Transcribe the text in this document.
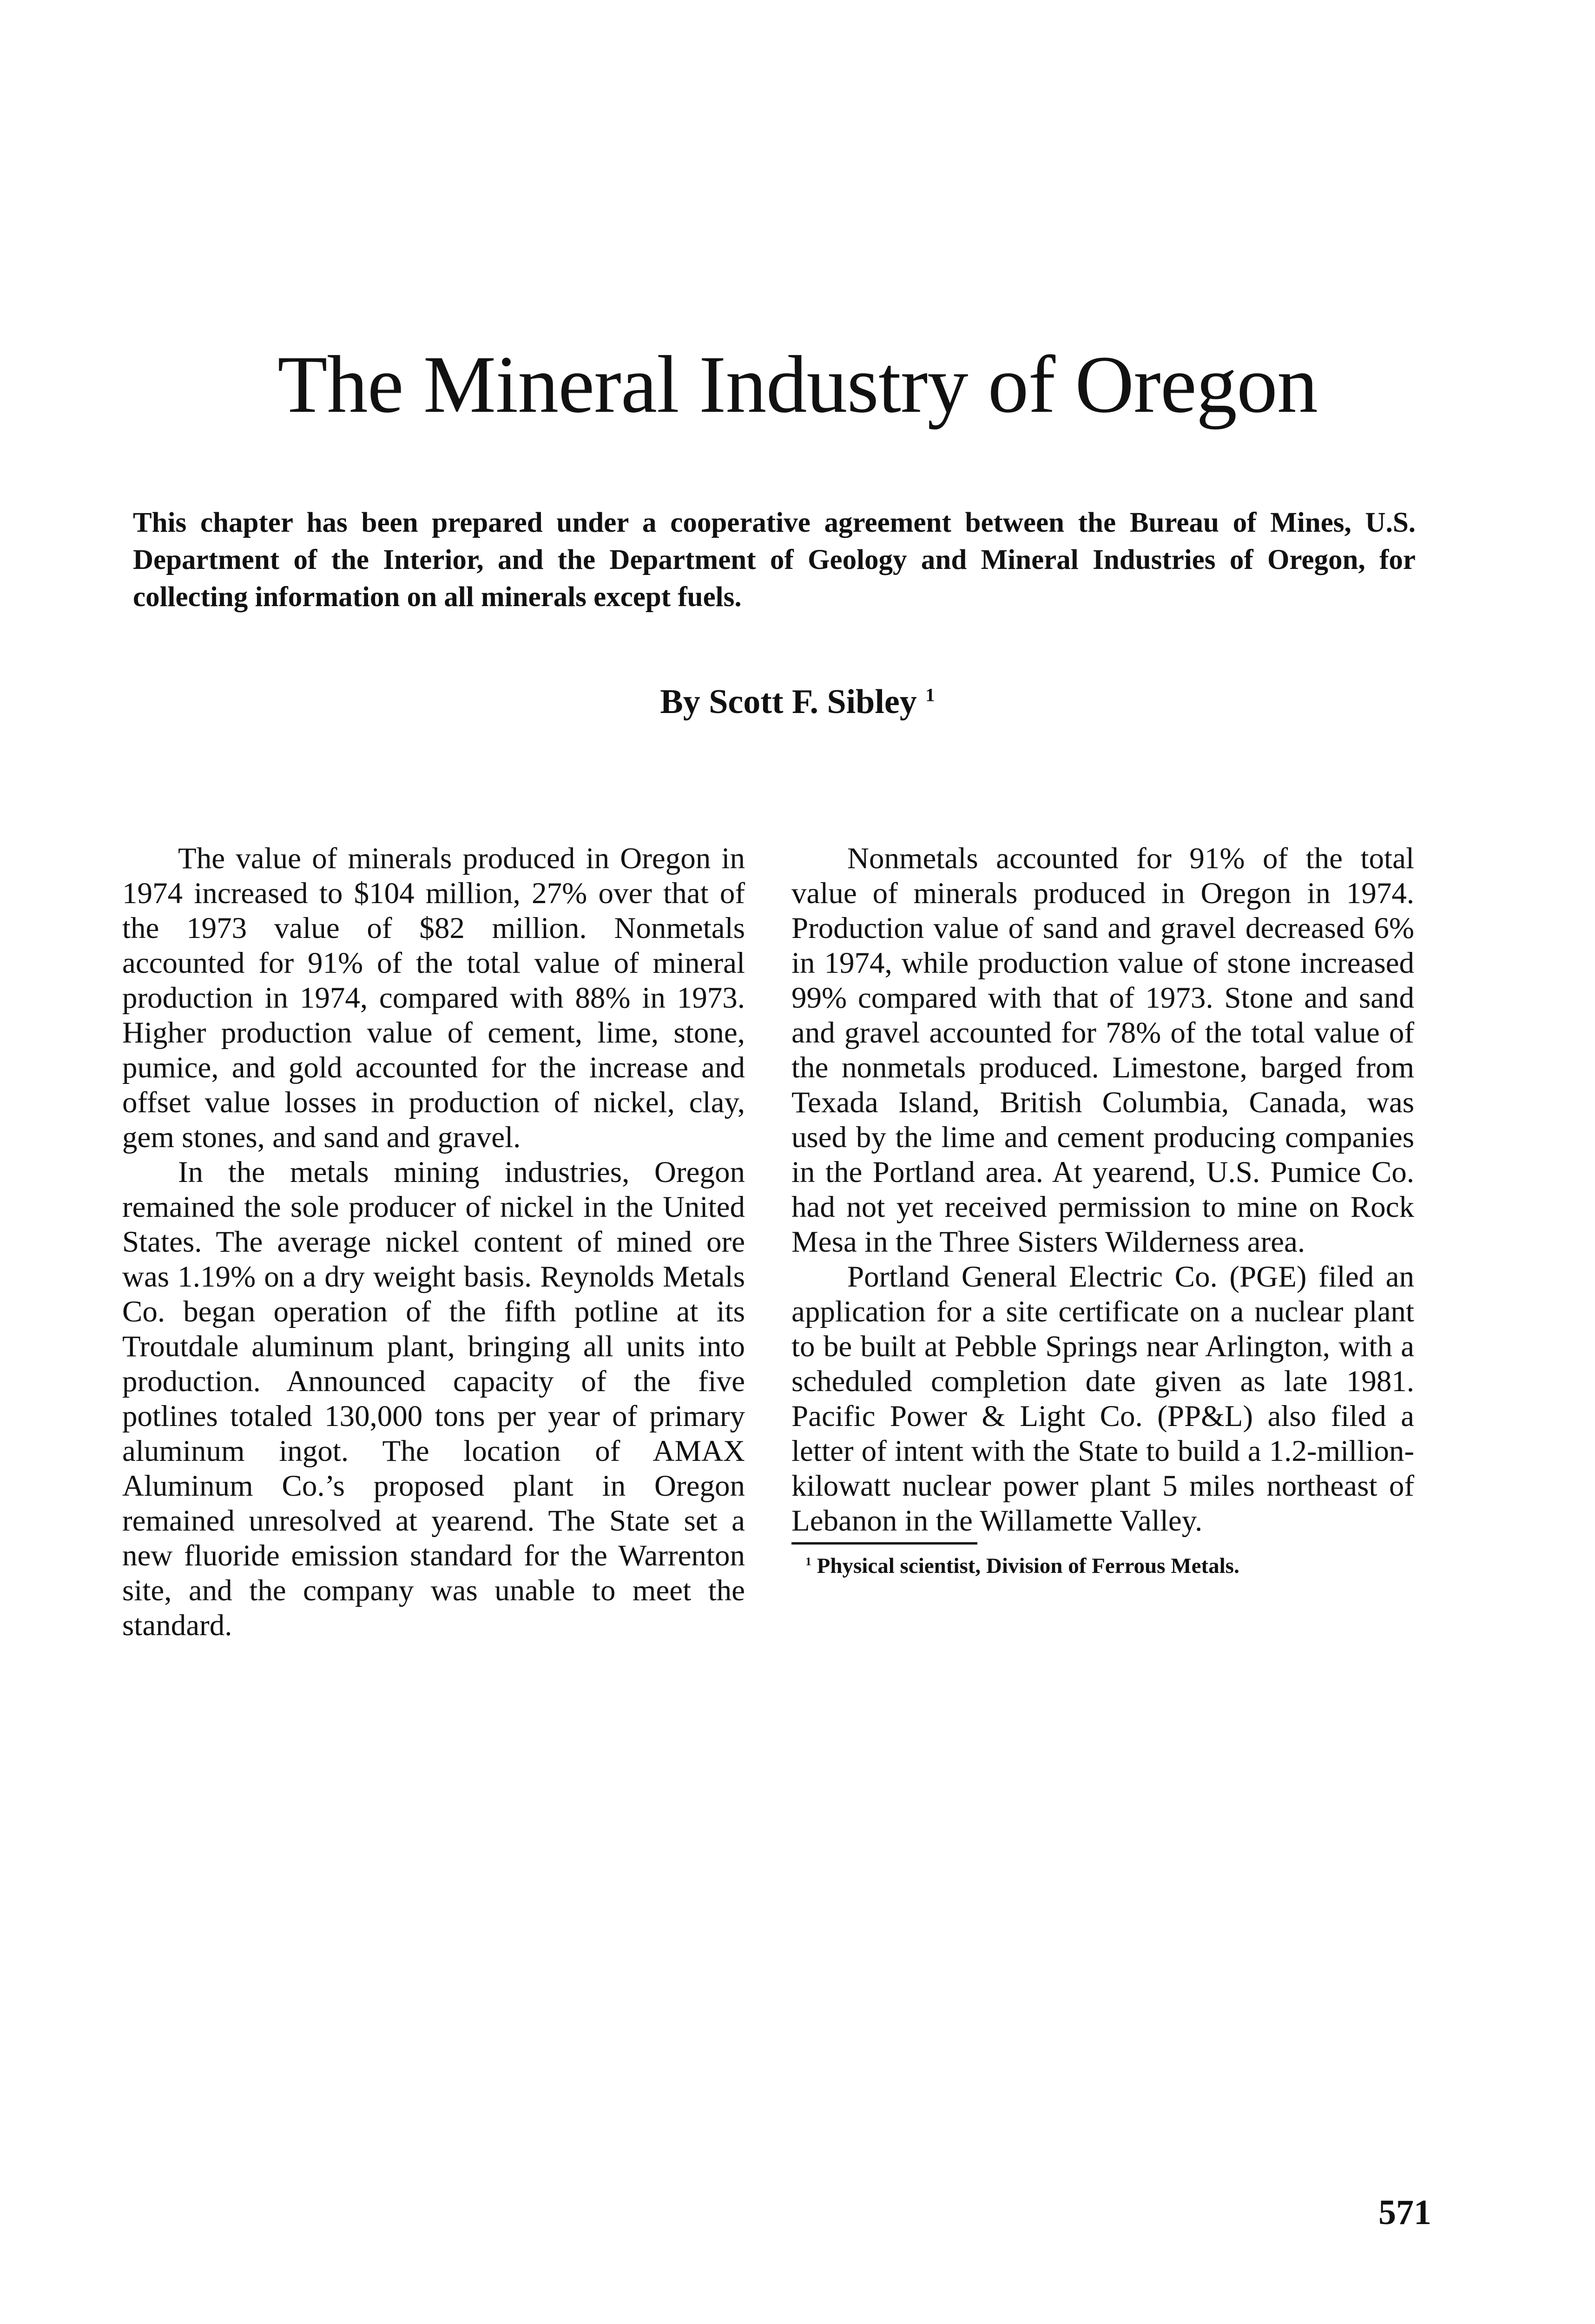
The Mineral Industry of Oregon
This chapter has been prepared under a cooperative agreement between the Bureau of Mines, U.S. Department of the Interior, and the Department of Geology and Mineral Industries of Oregon, for collecting information on all minerals except fuels.
By Scott F. Sibley $^1$

The value of minerals produced in Oregon in 1974 increased to $104 million, 27% over that of the 1973 value of $82 million. Nonmetals accounted for 91% of the total value of mineral production in 1974, compared with 88% in 1973. Higher production value of cement, lime, stone, pumice, and gold accounted for the increase and offset value losses in production of nickel, clay, gem stones, and sand and gravel.

In the metals mining industries, Oregon remained the sole producer of nickel in the United States. The average nickel content of mined ore was 1.19% on a dry weight basis. Reynolds Metals Co. began operation of the fifth potline at its Troutdale aluminum plant, bringing all units into production. Announced capacity of the five potlines totaled 130,000 tons per year of primary aluminum ingot. The location of AMAX Aluminum Co.’s proposed plant in Oregon remained unresolved at yearend. The State set a new fluoride emission standard for the Warrenton site, and the company was unable to meet the standard.

Nonmetals accounted for 91% of the total value of minerals produced in Oregon in 1974. Production value of sand and gravel decreased 6% in 1974, while production value of stone increased 99% compared with that of 1973. Stone and sand and gravel accounted for 78% of the total value of the nonmetals produced. Limestone, barged from Texada Island, British Columbia, Canada, was used by the lime and cement producing companies in the Portland area. At yearend, U.S. Pumice Co. had not yet received permission to mine on Rock Mesa in the Three Sisters Wilderness area.

Portland General Electric Co. (PGE) filed an application for a site certificate on a nuclear plant to be built at Pebble Springs near Arlington, with a scheduled completion date given as late 1981. Pacific Power & Light Co. (PP&L) also filed a letter of intent with the State to build a 1.2-million-kilowatt nuclear power plant 5 miles northeast of Lebanon in the Willamette Valley.

$^1$ Physical scientist, Division of Ferrous Metals.
571
